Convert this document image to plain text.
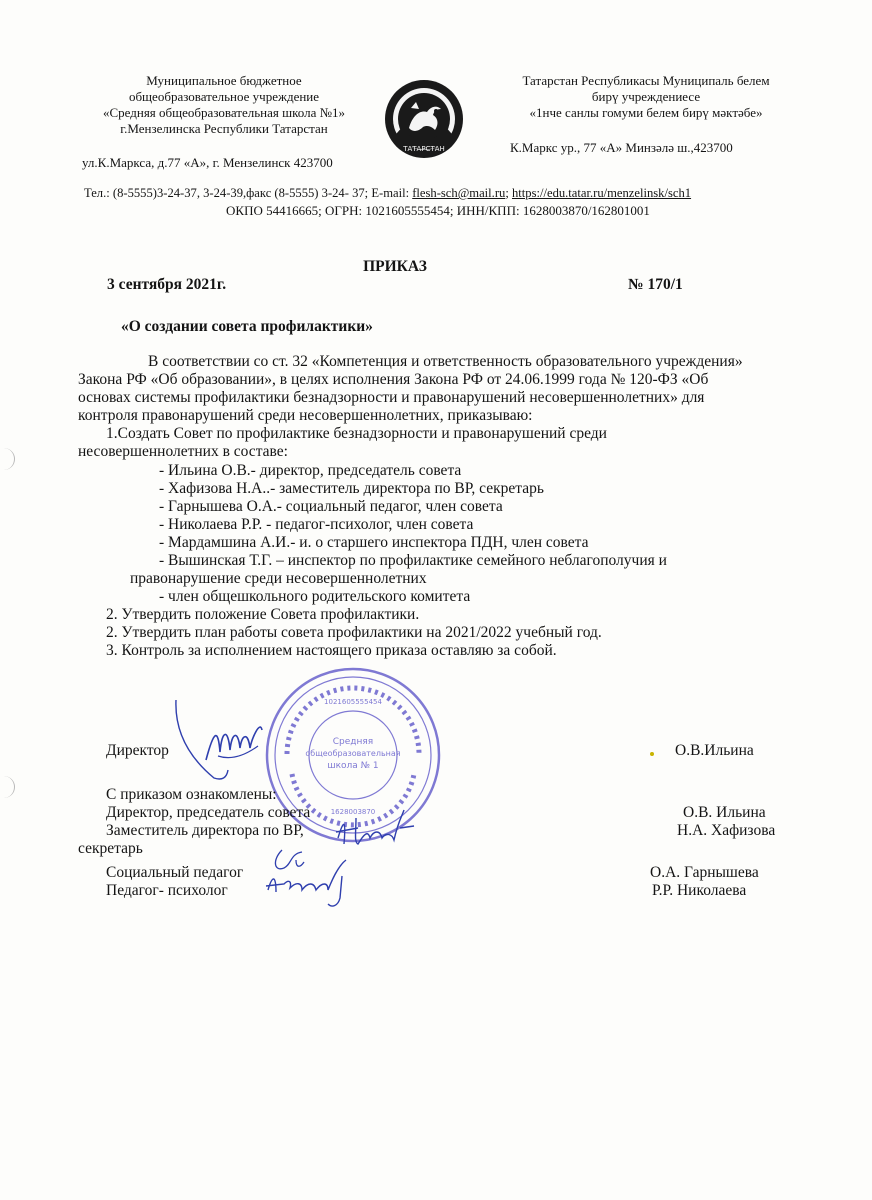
Муниципальное бюджетное
общеобразовательное учреждение
«Средняя общеобразовательная школа №1»
г.Мензелинска Республики Татарстан
ул.К.Маркса, д.77 «А», г. Мензелинск 423700
ТАТАРСТАН
Татарстан Республикасы Муниципаль белем
бирү учреждениесе
«1нче санлы гомуми белем бирү мәктәбе»
К.Маркс ур., 77 «А» Минзәлә ш.,423700
Тел.: (8-5555)3-24-37, 3-24-39,факс (8-5555) 3-24- 37; E-mail: flesh-sch@mail.ru; https://edu.tatar.ru/menzelinsk/sch1
ОКПО 54416665; ОГРН: 1021605555454; ИНН/КПП: 1628003870/162801001
ПРИКАЗ
3 сентября 2021г.	№ 170/1
«О создании совета профилактики»
В соответствии со ст. 32 «Компетенция и ответственность образовательного учреждения»
Закона РФ «Об образовании», в целях исполнения Закона РФ от 24.06.1999 года № 120-ФЗ «Об
основах системы профилактики безнадзорности и правонарушений несовершеннолетних» для
контроля правонарушений среди несовершеннолетних, приказываю:
1.Создать Совет по профилактике безнадзорности и правонарушений среди
несовершеннолетних в составе:
- Ильина О.В.- директор, председатель совета
- Хафизова Н.А..- заместитель директора по ВР, секретарь
- Гарнышева О.А.- социальный педагог, член совета
- Николаева Р.Р. - педагог-психолог, член совета
- Мардамшина А.И.- и. о старшего инспектора ПДН, член совета
- Вышинская Т.Г. – инспектор по профилактике семейного неблагополучия и
правонарушение среди несовершеннолетних
- член общешкольного родительского комитета
2. Утвердить положение Совета профилактики.
2. Утвердить план работы совета профилактики на 2021/2022 учебный год.
3. Контроль за исполнением настоящего приказа оставляю за собой.
1021605555454
1628003870
Средняя
общеобразовательная
школа № 1
Директор	О.В.Ильина
С приказом ознакомлены:
Директор, председатель совета	О.В. Ильина
Заместитель директора по ВР,
секретарь
Н.А. Хафизова
Социальный педагог	О.А. Гарнышева
Педагог- психолог	Р.Р. Николаева
